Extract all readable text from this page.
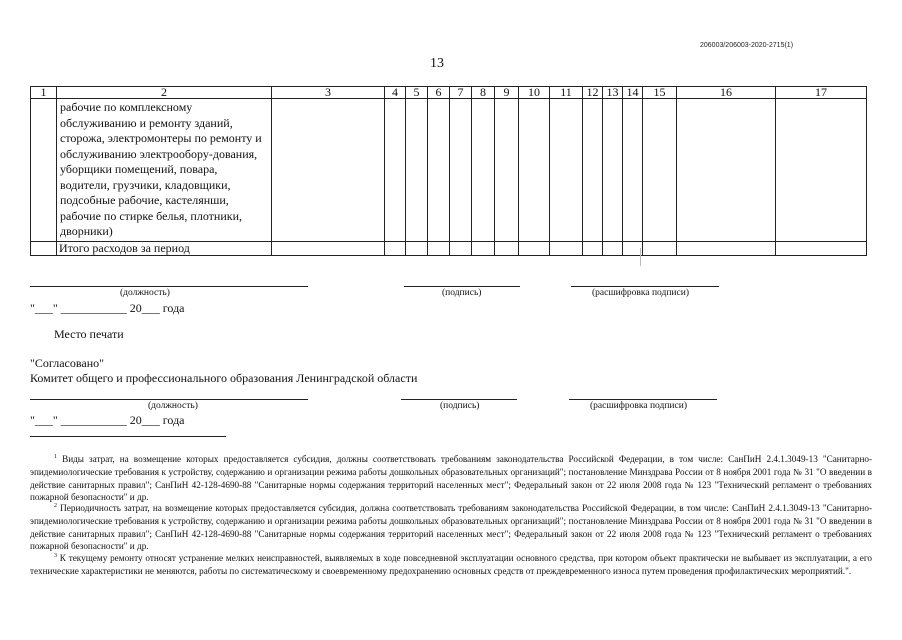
206003/206003-2020-2715(1)
13
1	2	3	4	5	6	7	8	9	10	11	12	13	14	15	16	17
	рабочие по комплексному обслуживанию и ремонту зданий, сторожа, электромонтеры по ремонту и обслуживанию электрообору-дования, уборщики помещений, повара, водители, грузчики, кладовщики, подсобные рабочие, кастелянши, рабочие по стирке белья, плотники, дворники)															
	Итого расходов за период															
(должность)	(подпись)	(расшифровка подписи)
"___" ___________ 20___ года
Место печати
"Согласовано"
Комитет общего и профессионального образования Ленинградской области
(должность)	(подпись)	(расшифровка подписи)
"___" ___________ 20___ года
$^1$ Виды затрат, на возмещение которых предоставляется субсидия, должны соответствовать требованиям законодательства Российской Федерации, в том числе: СанПиН 2.4.1.3049-13 "Санитарно-эпидемиологические требования к устройству, содержанию и организации режима работы дошкольных образовательных организаций"; постановление Минздрава России от 8 ноября 2001 года № 31 "О введении в действие санитарных правил"; СанПиН 42-128-4690-88 "Санитарные нормы содержания территорий населенных мест"; Федеральный закон от 22 июля 2008 года № 123 "Технический регламент о требованиях пожарной безопасности" и др.
$^2$ Периодичность затрат, на возмещение которых предоставляется субсидия, должна соответствовать требованиям законодательства Российской Федерации, в том числе: СанПиН 2.4.1.3049-13 "Санитарно-эпидемиологические требования к устройству, содержанию и организации режима работы дошкольных образовательных организаций"; постановление Минздрава России от 8 ноября 2001 года № 31 "О введении в действие санитарных правил"; СанПиН 42-128-4690-88 "Санитарные нормы содержания территорий населенных мест"; Федеральный закон от 22 июля 2008 года № 123 "Технический регламент о требованиях пожарной безопасности" и др.
$^3$ К текущему ремонту относят устранение мелких неисправностей, выявляемых в ходе повседневной эксплуатации основного средства, при котором объект практически не выбывает из эксплуатации, а его технические характеристики не меняются, работы по систематическому и своевременному предохранению основных средств от преждевременного износа путем проведения профилактических мероприятий.".
